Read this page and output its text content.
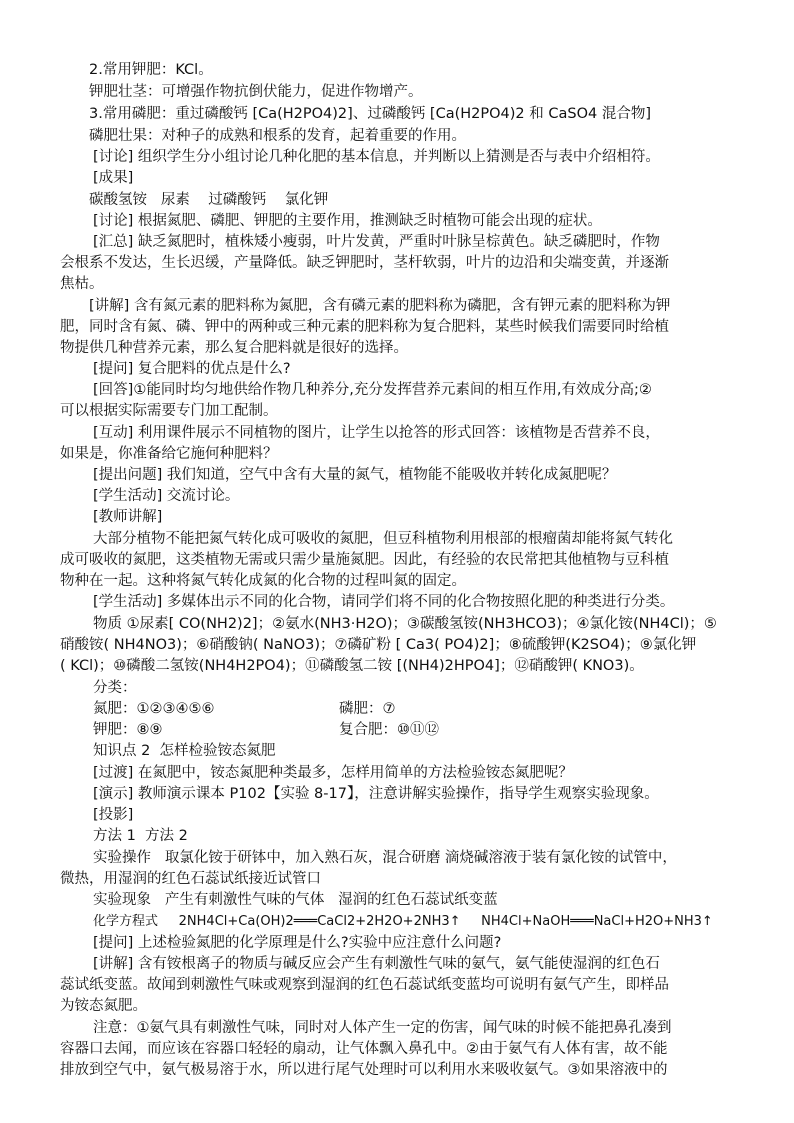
2.常用钾肥：KCl。
钾肥壮茎：可增强作物抗倒伏能力，促进作物增产。
3.常用磷肥：重过磷酸钙 [Ca(H2PO4)2]、过磷酸钙 [Ca(H2PO4)2 和 CaSO4 混合物]
磷肥壮果：对种子的成熟和根系的发育，起着重要的作用。
[讨论] 组织学生分小组讨论几种化肥的基本信息，并判断以上猜测是否与表中介绍相符。
[成果]
碳酸氢铵   尿素    过磷酸钙    氯化钾
[讨论] 根据氮肥、磷肥、钾肥的主要作用，推测缺乏时植物可能会出现的症状。
[汇总] 缺乏氮肥时，植株矮小瘦弱，叶片发黄，严重时叶脉呈棕黄色。缺乏磷肥时，作物
会根系不发达，生长迟缓，产量降低。缺乏钾肥时，茎杆软弱，叶片的边沿和尖端变黄，并逐渐
焦枯。
[讲解] 含有氮元素的肥料称为氮肥，含有磷元素的肥料称为磷肥，含有钾元素的肥料称为钾
肥，同时含有氮、磷、钾中的两种或三种元素的肥料称为复合肥料，某些时候我们需要同时给植
物提供几种营养元素，那么复合肥料就是很好的选择。
[提问] 复合肥料的优点是什么?
[回答]①能同时均匀地供给作物几种养分,充分发挥营养元素间的相互作用,有效成分高;②
可以根据实际需要专门加工配制。
[互动] 利用课件展示不同植物的图片，让学生以抢答的形式回答：该植物是否营养不良，
如果是，你准备给它施何种肥料？
[提出问题] 我们知道，空气中含有大量的氮气，植物能不能吸收并转化成氮肥呢？
[学生活动] 交流讨论。
[教师讲解]
大部分植物不能把氮气转化成可吸收的氮肥，但豆科植物利用根部的根瘤菌却能将氮气转化
成可吸收的氮肥，这类植物无需或只需少量施氮肥。因此，有经验的农民常把其他植物与豆科植
物种在一起。这种将氮气转化成氮的化合物的过程叫氮的固定。
[学生活动] 多媒体出示不同的化合物，请同学们将不同的化合物按照化肥的种类进行分类。
物质 ①尿素[ CO(NH2)2]；②氨水(NH3·H2O)；③碳酸氢铵(NH3HCO3)；④氯化铵(NH4Cl)；⑤
硝酸铵( NH4NO3)；⑥硝酸钠( NaNO3)；⑦磷矿粉 [ Ca3( PO4)2]；⑧硫酸钾(K2SO4)；⑨氯化钾
( KCl)；⑩磷酸二氢铵(NH4H2PO4)；⑪磷酸氢二铵 [(NH4)2HPO4]；⑫硝酸钾( KNO3)。
分类：
氮肥：①②③④⑤⑥	磷肥：⑦
钾肥：⑧⑨	复合肥：⑩⑪⑫
知识点 2  怎样检验铵态氮肥
[过渡] 在氮肥中，铵态氮肥种类最多，怎样用简单的方法检验铵态氮肥呢？
[演示] 教师演示课本 P102【实验 8-17】，注意讲解实验操作，指导学生观察实验现象。
[投影]
方法 1  方法 2
实验操作   取氯化铵于研钵中，加入熟石灰，混合研磨 滴烧碱溶液于装有氯化铵的试管中，
微热，用湿润的红色石蕊试纸接近试管口
实验现象   产生有刺激性气味的气体   湿润的红色石蕊试纸变蓝
化学方程式     2NH4Cl+Ca(OH)2═══CaCl2+2H2O+2NH3↑     NH4Cl+NaOH═══NaCl+H2O+NH3↑
[提问] 上述检验氮肥的化学原理是什么?实验中应注意什么问题?
[讲解] 含有铵根离子的物质与碱反应会产生有刺激性气味的氨气，氨气能使湿润的红色石
蕊试纸变蓝。故闻到刺激性气味或观察到湿润的红色石蕊试纸变蓝均可说明有氨气产生，即样品
为铵态氮肥。
注意：①氨气具有刺激性气味，同时对人体产生一定的伤害，闻气味的时候不能把鼻孔凑到
容器口去闻，而应该在容器口轻轻的扇动，让气体飘入鼻孔中。②由于氨气有人体有害，故不能
排放到空气中，氨气极易溶于水，所以进行尾气处理时可以利用水来吸收氨气。③如果溶液中的
